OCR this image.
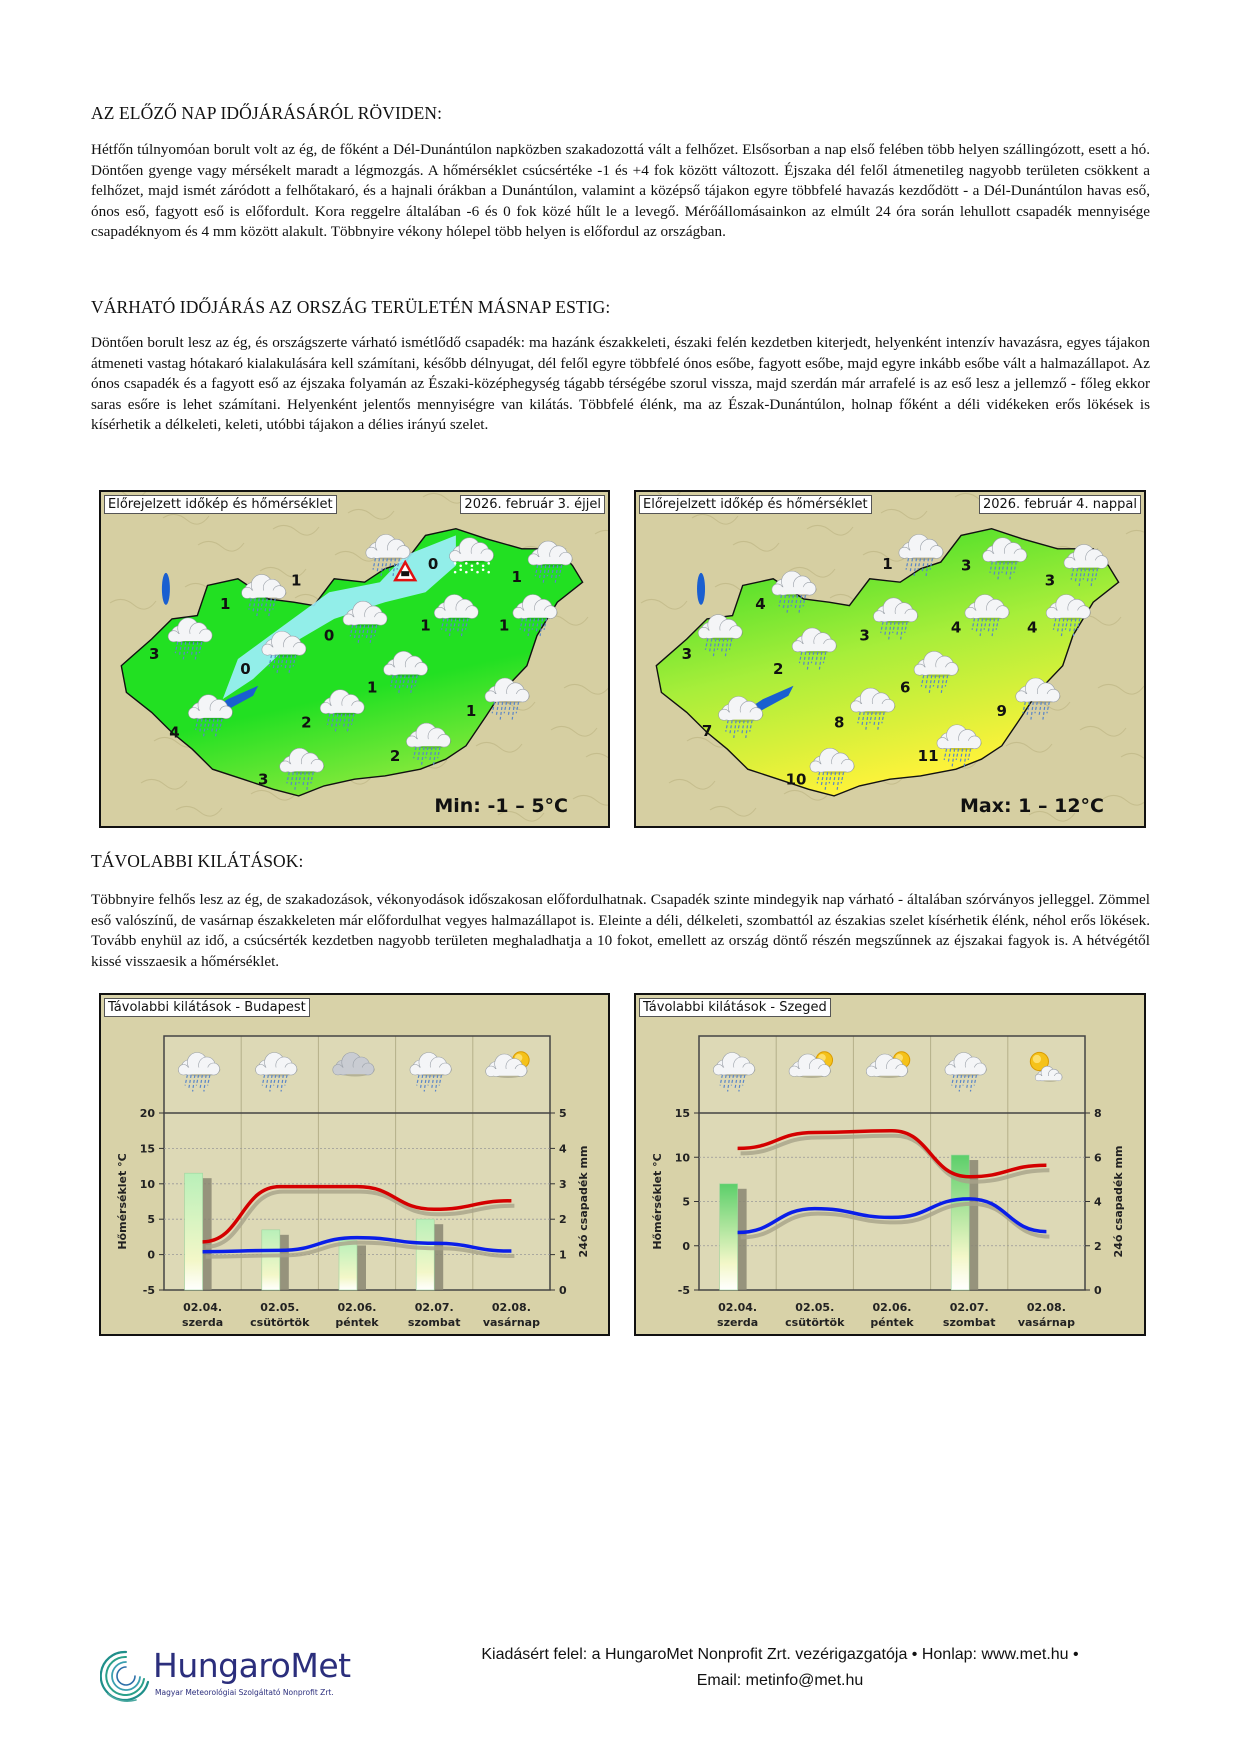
AZ ELŐZŐ NAP IDŐJÁRÁSÁRÓL RÖVIDEN:

Hétfőn túlnyomóan borult volt az ég, de főként a Dél-Dunántúlon napközben szakadozottá vált a felhőzet. Elsősorban a nap első felében több helyen szállingózott, esett a hó. Döntően gyenge vagy mérsékelt maradt a légmozgás. A hőmérséklet csúcsértéke -1 és +4 fok között változott. Éjszaka dél felől átmenetileg nagyobb területen csökkent a felhőzet, majd ismét záródott a felhőtakaró, és a hajnali órákban a Dunántúlon, valamint a középső tájakon egyre többfelé havazás kezdődött - a Dél-Dunántúlon havas eső, ónos eső, fagyott eső is előfordult. Kora reggelre általában -6 és 0 fok közé hűlt le a levegő. Mérőállomásainkon az elmúlt 24 óra során lehullott csapadék mennyisége csapadéknyom és 4 mm között alakult. Többnyire vékony hólepel több helyen is előfordul az országban.

VÁRHATÓ IDŐJÁRÁS AZ ORSZÁG TERÜLETÉN MÁSNAP ESTIG:

Döntően borult lesz az ég, és országszerte várható ismétlődő csapadék: ma hazánk északkeleti, északi felén kezdetben kiterjedt, helyenként intenzív havazásra, egyes tájakon átmeneti vastag hótakaró kialakulására kell számítani, később délnyugat, dél felől egyre többfelé ónos esőbe, fagyott esőbe, majd egyre inkább esőbe vált a halmazállapot. Az ónos csapadék és a fagyott eső az éjszaka folyamán az Északi-középhegység tágabb térségébe szorul vissza, majd szerdán már arrafelé is az eső lesz a jellemző - főleg ekkor saras esőre is lehet számítani. Helyenként jelentős mennyiségre van kilátás. Többfelé élénk, ma az Észak-Dunántúlon, holnap főként a déli vidékeken erős lökések is kísérhetik a délkeleti, keleti, utóbbi tájakon a délies irányú szelet.

1
0
1
1
0
1	1
3
0
1
1
4
2
2
3
Min: -1 – 5°C
Előrejelzett időkép és hőmérséklet	2026. február 3. éjjel
1	3
3
4
3	4	4
3
2
6
9
7	8
11
10
Max: 1 – 12°C
Előrejelzett időkép és hőmérséklet	2026. február 4. nappal
TÁVOLABBI KILÁTÁSOK:

Többnyire felhős lesz az ég, de szakadozások, vékonyodások időszakosan előfordulhatnak. Csapadék szinte mindegyik nap várható - általában szórványos jelleggel. Zömmel eső valószínű, de vasárnap északkeleten már előfordulhat vegyes halmazállapot is. Eleinte a déli, délkeleti, szombattól az északias szelet kísérhetik élénk, néhol erős lökések. Tovább enyhül az idő, a csúcsérték kezdetben nagyobb területen meghaladhatja a 10 fokot, emellett az ország döntő részén megszűnnek az éjszakai fagyok is. A hétvégétől kissé visszaesik a hőmérséklet.

-5
0
5
10
15
20
0
1
2
3
4
5
Hőmérséklet °C	24ó csapadék mm
02.04.
szerda
02.05.
csütörtök
02.06.
péntek
02.07.
szombat
02.08.
vasárnap
Távolabbi kilátások - Budapest
-5
0
5
10
15
0
2
4
6
8
Hőmérséklet °C	24ó csapadék mm
02.04.
szerda
02.05.
csütörtök
02.06.
péntek
02.07.
szombat
02.08.
vasárnap
Távolabbi kilátások - Szeged
HungaroMet
Magyar Meteorológiai Szolgáltató Nonprofit Zrt.
Kiadásért felel: a HungaroMet Nonprofit Zrt. vezérigazgatója • Honlap: www.met.hu •
Email: metinfo@met.hu
